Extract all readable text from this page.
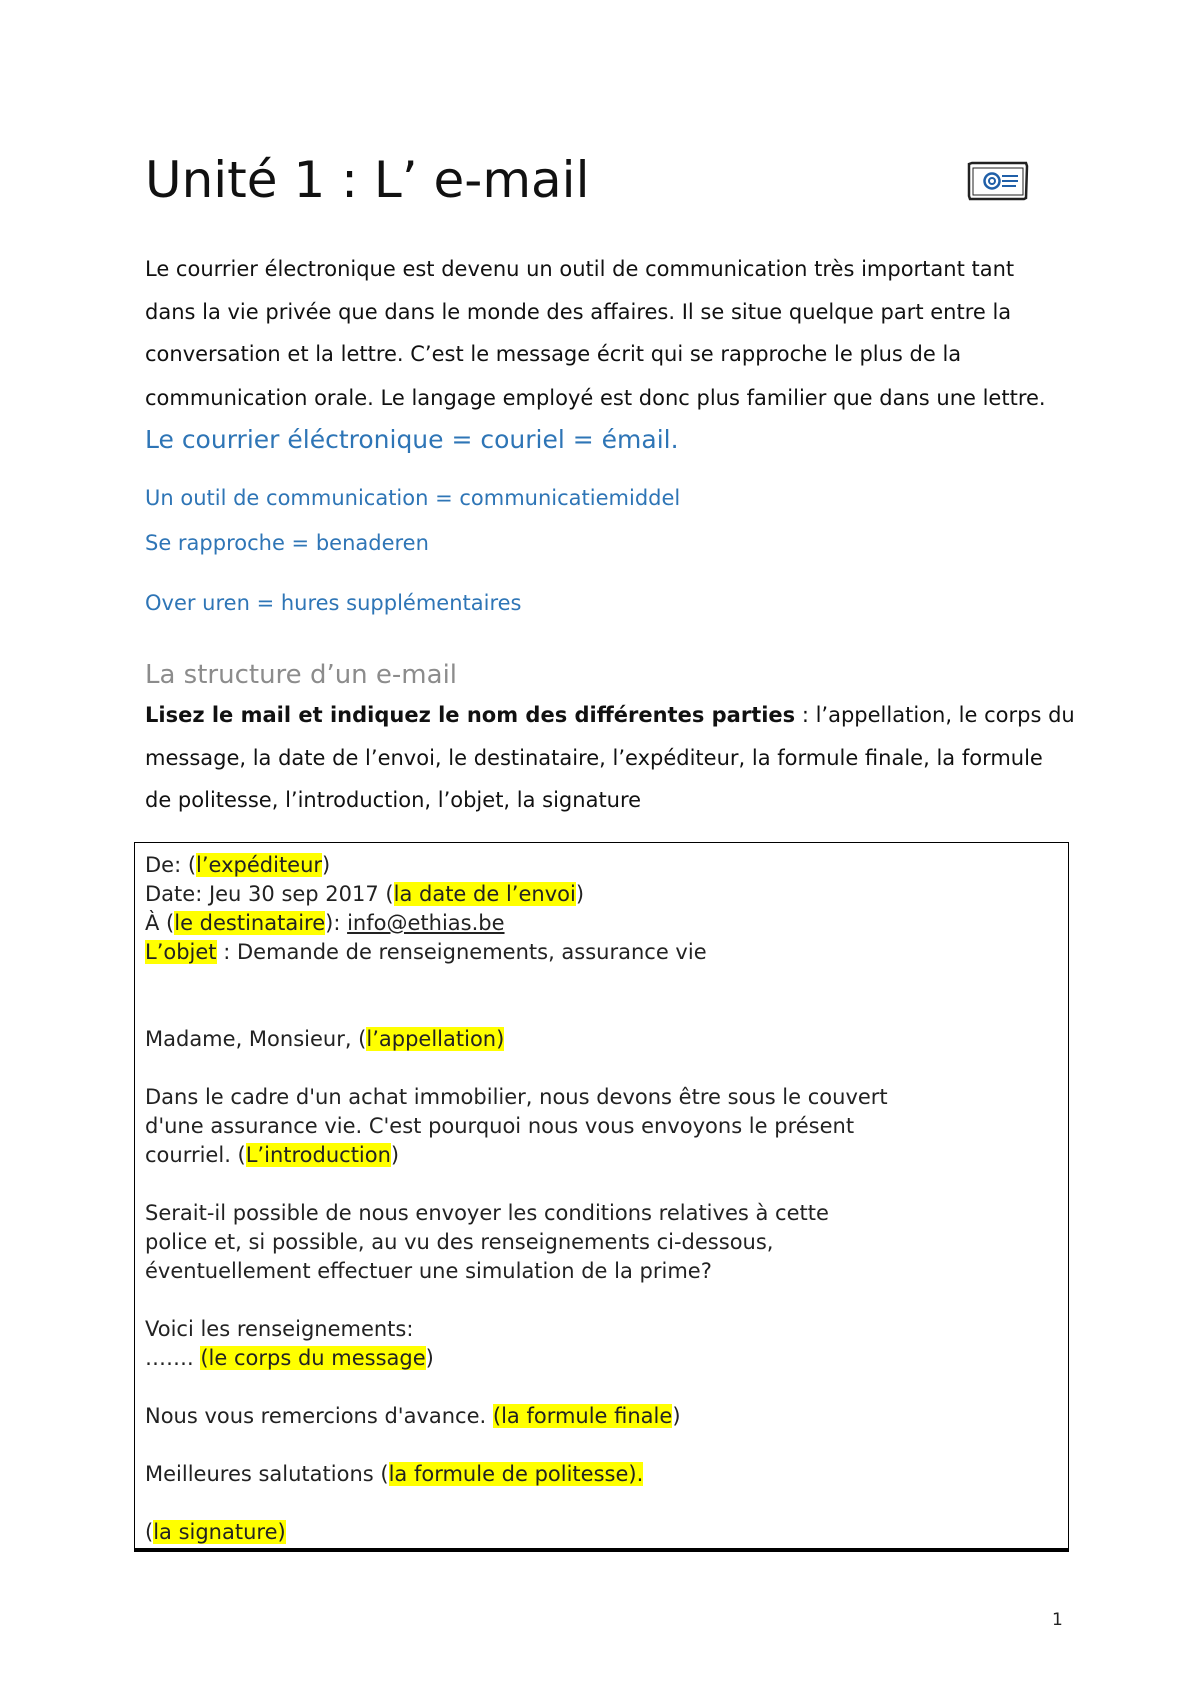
Unité 1 : L’ e-mail

Le courrier électronique est devenu un outil de communication très important tant dans la vie privée que dans le monde des affaires. Il se situe quelque part entre la conversation et la lettre. C’est le message écrit qui se rapproche le plus de la communication orale. Le langage employé est donc plus familier que dans une lettre. Le courrier éléctronique = couriel = émail.

Un outil de communication = communicatiemiddel

Se rapproche = benaderen

Over uren = hures supplémentaires

La structure d’un e-mail

Lisez le mail et indiquez le nom des différentes parties : l’appellation, le corps du message, la date de l’envoi, le destinataire, l’expéditeur, la formule finale, la formule de politesse, l’introduction, l’objet, la signature

De: (l’expéditeur)

Date: Jeu 30 sep 2017 (la date de l’envoi)

À (le destinataire): info@ethias.be

L’objet : Demande de renseignements, assurance vie

Madame, Monsieur, (l’appellation)

Dans le cadre d'un achat immobilier, nous devons être sous le couvert

d'une assurance vie. C'est pourquoi nous vous envoyons le présent

courriel. (L’introduction)

Serait-il possible de nous envoyer les conditions relatives à cette

police et, si possible, au vu des renseignements ci-dessous,

éventuellement effectuer une simulation de la prime?

Voici les renseignements:

……. (le corps du message)

Nous vous remercions d'avance. (la formule finale)

Meilleures salutations (la formule de politesse).

(la signature)

1
